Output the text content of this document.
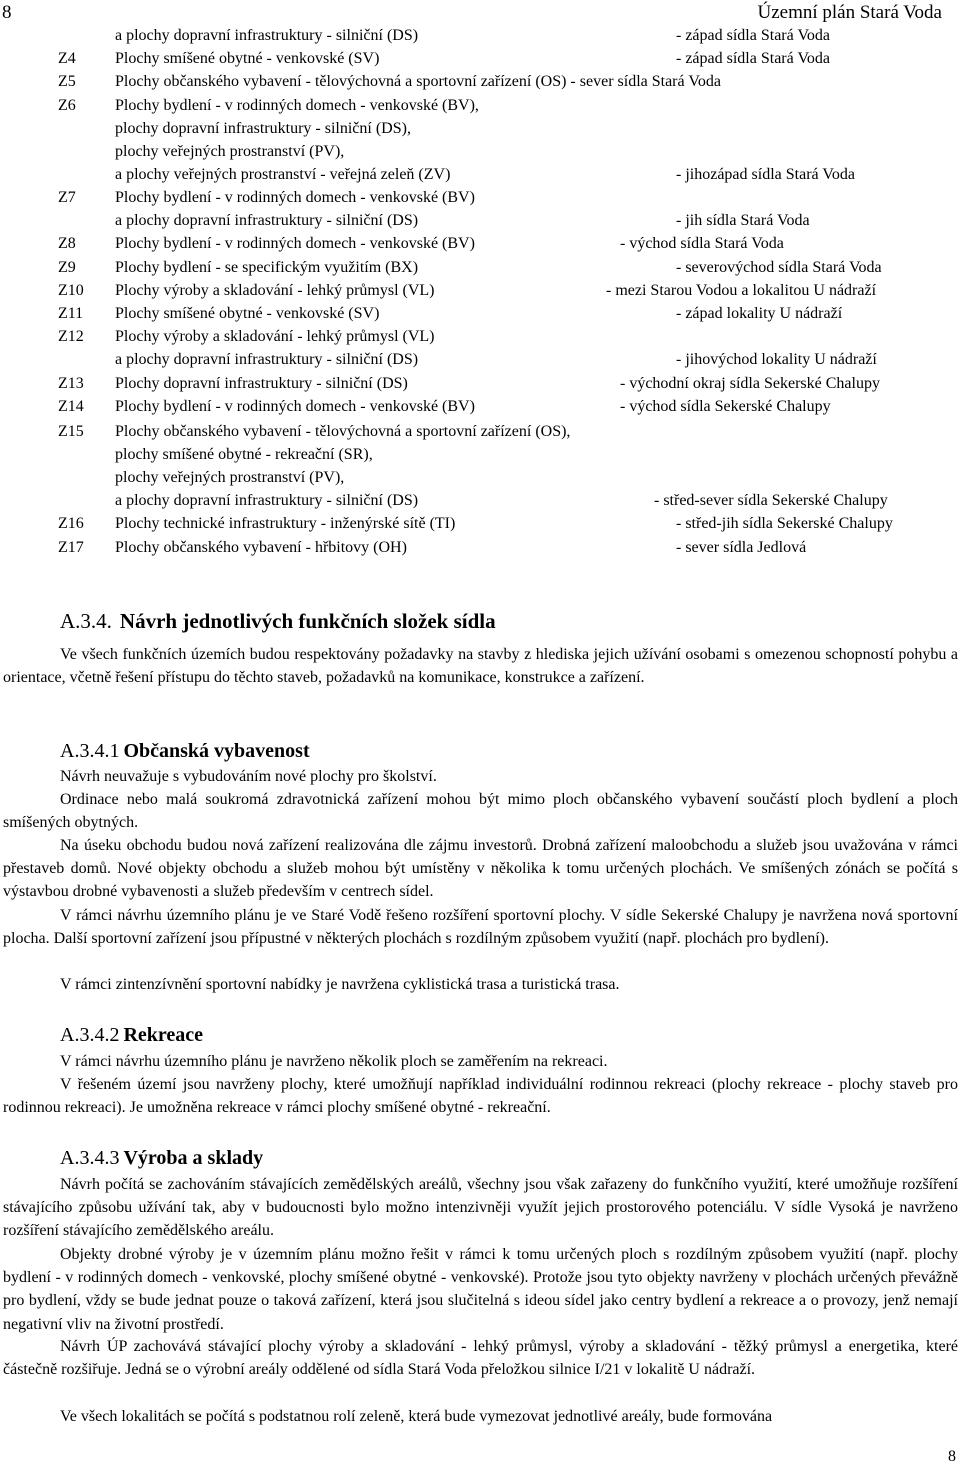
8	Územní plán Stará Voda
a plochy dopravní infrastruktury - silniční (DS)	- západ sídla Stará Voda
Z4 Plochy smíšené obytné - venkovské (SV)	- západ sídla Stará Voda
Z5 Plochy občanského vybavení - tělovýchovná a sportovní zařízení (OS) - sever sídla Stará Voda
Z6 Plochy bydlení - v rodinných domech - venkovské (BV),
plochy dopravní infrastruktury - silniční (DS),
plochy veřejných prostranství (PV),
a plochy veřejných prostranství - veřejná zeleň (ZV)	- jihozápad sídla Stará Voda
Z7 Plochy bydlení - v rodinných domech - venkovské (BV)
a plochy dopravní infrastruktury - silniční (DS)	- jih sídla Stará Voda
Z8 Plochy bydlení - v rodinných domech - venkovské (BV)	- východ sídla Stará Voda
Z9 Plochy bydlení - se specifickým využitím (BX)	- severovýchod sídla Stará Voda
Z10 Plochy výroby a skladování - lehký průmysl (VL)	- mezi Starou Vodou a lokalitou U nádraží
Z11 Plochy smíšené obytné - venkovské (SV)	- západ lokality U nádraží
Z12 Plochy výroby a skladování - lehký průmysl (VL)
a plochy dopravní infrastruktury - silniční (DS)	- jihovýchod lokality U nádraží
Z13 Plochy dopravní infrastruktury - silniční (DS)	- východní okraj sídla Sekerské Chalupy
Z14 Plochy bydlení - v rodinných domech - venkovské (BV)	- východ sídla Sekerské Chalupy
Z15 Plochy občanského vybavení - tělovýchovná a sportovní zařízení (OS),
plochy smíšené obytné - rekreační (SR),
plochy veřejných prostranství (PV),
a plochy dopravní infrastruktury - silniční (DS)	- střed-sever sídla Sekerské Chalupy
Z16 Plochy technické infrastruktury - inženýrské sítě (TI)	- střed-jih sídla Sekerské Chalupy
Z17 Plochy občanského vybavení - hřbitovy (OH)	- sever sídla Jedlová
A.3.4. Návrh jednotlivých funkčních složek sídla

Ve všech funkčních územích budou respektovány požadavky na stavby z hlediska jejich užívání osobami s omezenou schopností pohybu a orientace, včetně řešení přístupu do těchto staveb, požadavků na komunikace, konstrukce a zařízení.

A.3.4.1 Občanská vybavenost

Návrh neuvažuje s vybudováním nové plochy pro školství.

Ordinace nebo malá soukromá zdravotnická zařízení mohou být mimo ploch občanského vybavení součástí ploch bydlení a ploch smíšených obytných.

Na úseku obchodu budou nová zařízení realizována dle zájmu investorů. Drobná zařízení maloobchodu a služeb jsou uvažována v rámci přestaveb domů. Nové objekty obchodu a služeb mohou být umístěny v několika k tomu určených plochách. Ve smíšených zónách se počítá s výstavbou drobné vybavenosti a služeb především v centrech sídel.

V rámci návrhu územního plánu je ve Staré Vodě řešeno rozšíření sportovní plochy. V sídle Sekerské Chalupy je navržena nová sportovní plocha. Další sportovní zařízení jsou přípustné v některých plochách s rozdílným způsobem využití (např. plochách pro bydlení).

V rámci zintenzívnění sportovní nabídky je navržena cyklistická trasa a turistická trasa.

A.3.4.2 Rekreace

V rámci návrhu územního plánu je navrženo několik ploch se zaměřením na rekreaci.

V řešeném území jsou navrženy plochy, které umožňují například individuální rodinnou rekreaci (plochy rekreace - plochy staveb pro rodinnou rekreaci). Je umožněna rekreace v rámci plochy smíšené obytné - rekreační.

A.3.4.3 Výroba a sklady

Návrh počítá se zachováním stávajících zemědělských areálů, všechny jsou však zařazeny do funkčního využití, které umožňuje rozšíření stávajícího způsobu užívání tak, aby v budoucnosti bylo možno intenzivněji využít jejich prostorového potenciálu. V sídle Vysoká je navrženo rozšíření stávajícího zemědělského areálu.

Objekty drobné výroby je v územním plánu možno řešit v rámci k tomu určených ploch s rozdílným způsobem využití (např. plochy bydlení - v rodinných domech - venkovské, plochy smíšené obytné - venkovské). Protože jsou tyto objekty navrženy v plochách určených převážně pro bydlení, vždy se bude jednat pouze o taková zařízení, která jsou slučitelná s ideou sídel jako centry bydlení a rekreace a o provozy, jenž nemají negativní vliv na životní prostředí.

Návrh ÚP zachovává stávající plochy výroby a skladování - lehký průmysl, výroby a skladování - těžký průmysl a energetika, které částečně rozšiřuje. Jedná se o výrobní areály oddělené od sídla Stará Voda přeložkou silnice I/21 v lokalitě U nádraží.

Ve všech lokalitách se počítá s podstatnou rolí zeleně, která bude vymezovat jednotlivé areály, bude formována

8
